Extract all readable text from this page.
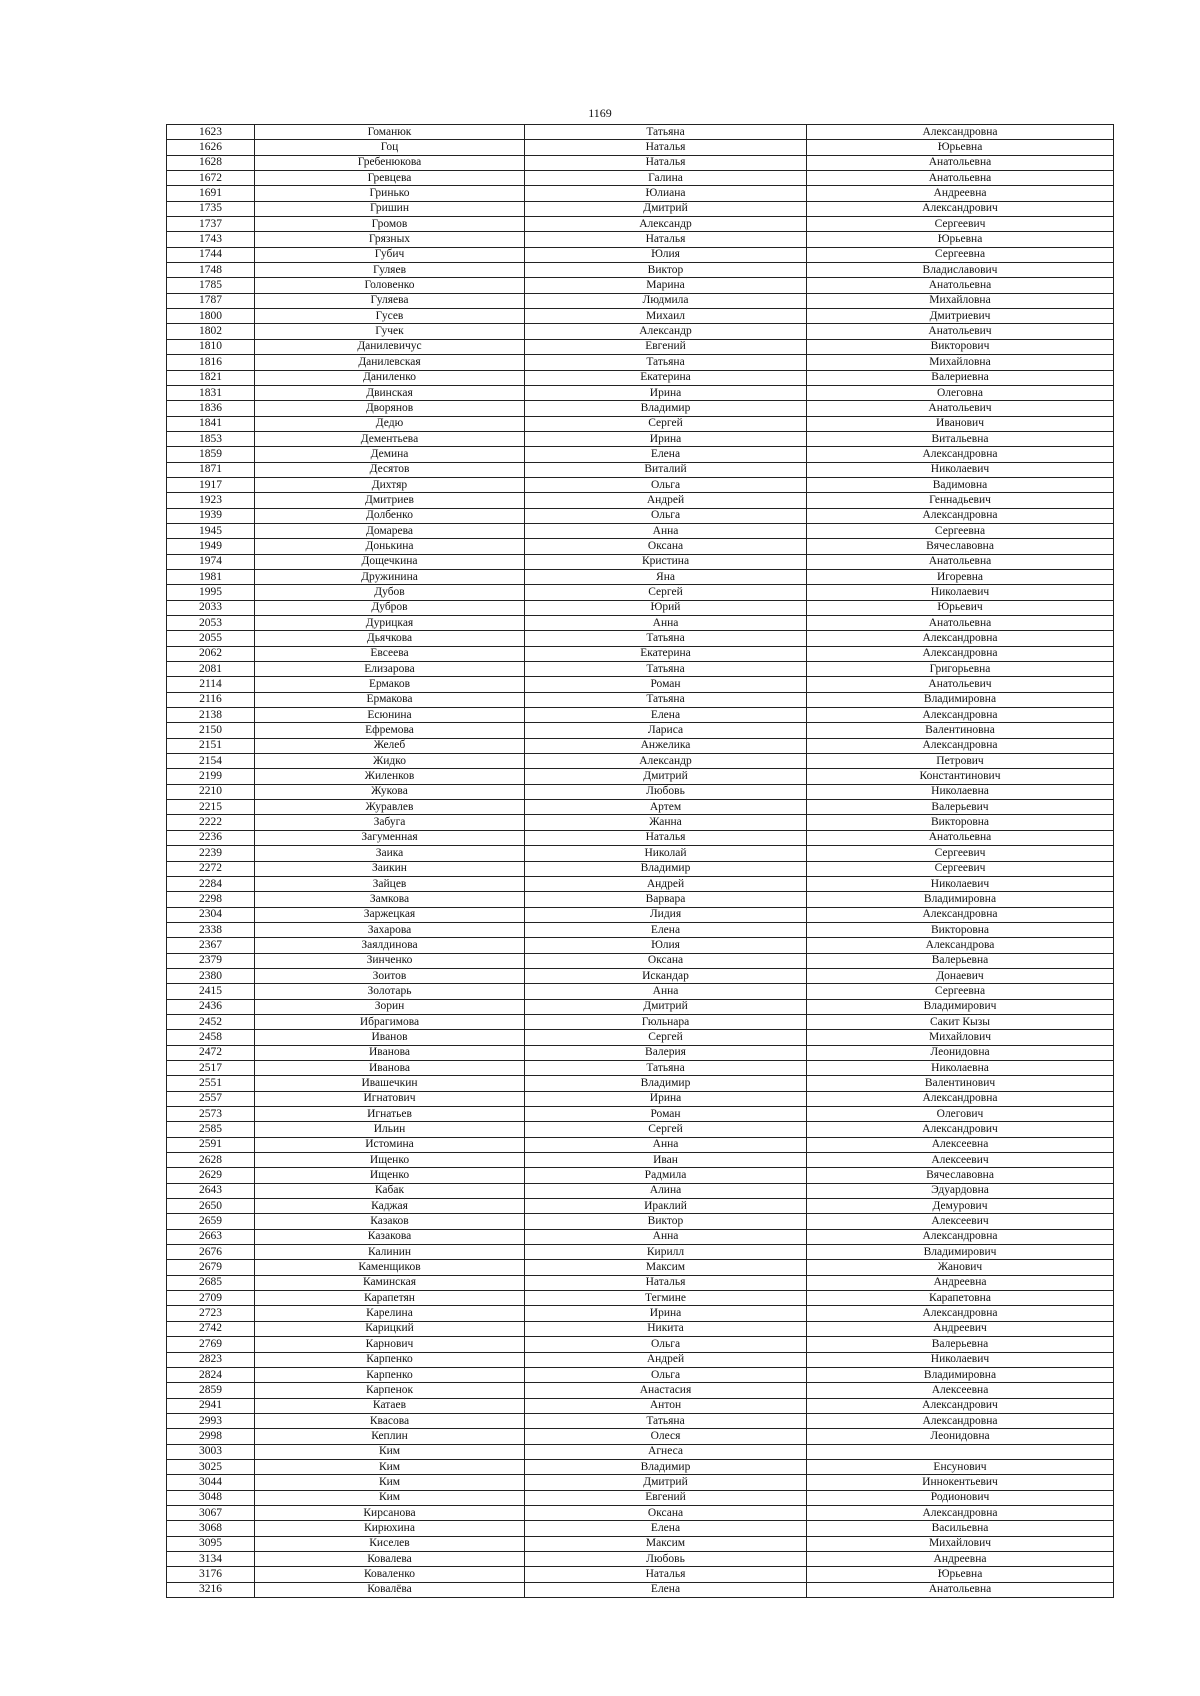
1169
1623	Гоманюк	Татьяна	Александровна
1626	Гоц	Наталья	Юрьевна
1628	Гребенюкова	Наталья	Анатольевна
1672	Гревцева	Галина	Анатольевна
1691	Гринько	Юлиана	Андреевна
1735	Гришин	Дмитрий	Александрович
1737	Громов	Александр	Сергеевич
1743	Грязных	Наталья	Юрьевна
1744	Губич	Юлия	Сергеевна
1748	Гуляев	Виктор	Владиславович
1785	Головенко	Марина	Анатольевна
1787	Гуляева	Людмила	Михайловна
1800	Гусев	Михаил	Дмитриевич
1802	Гучек	Александр	Анатольевич
1810	Данилевичус	Евгений	Викторович
1816	Данилевская	Татьяна	Михайловна
1821	Даниленко	Екатерина	Валериевна
1831	Двинская	Ирина	Олеговна
1836	Дворянов	Владимир	Анатольевич
1841	Дедю	Сергей	Иванович
1853	Дементьева	Ирина	Витальевна
1859	Демина	Елена	Александровна
1871	Десятов	Виталий	Николаевич
1917	Дихтяр	Ольга	Вадимовна
1923	Дмитриев	Андрей	Геннадьевич
1939	Долбенко	Ольга	Александровна
1945	Домарева	Анна	Сергеевна
1949	Донькина	Оксана	Вячеславовна
1974	Дощечкина	Кристина	Анатольевна
1981	Дружинина	Яна	Игоревна
1995	Дубов	Сергей	Николаевич
2033	Дубров	Юрий	Юрьевич
2053	Дурицкая	Анна	Анатольевна
2055	Дьячкова	Татьяна	Александровна
2062	Евсеева	Екатерина	Александровна
2081	Елизарова	Татьяна	Григорьевна
2114	Ермаков	Роман	Анатольевич
2116	Ермакова	Татьяна	Владимировна
2138	Есюнина	Елена	Александровна
2150	Ефремова	Лариса	Валентиновна
2151	Желеб	Анжелика	Александровна
2154	Жидко	Александр	Петрович
2199	Жиленков	Дмитрий	Константинович
2210	Жукова	Любовь	Николаевна
2215	Журавлев	Артем	Валерьевич
2222	Забуга	Жанна	Викторовна
2236	Загуменная	Наталья	Анатольевна
2239	Заика	Николай	Сергеевич
2272	Заикин	Владимир	Сергеевич
2284	Зайцев	Андрей	Николаевич
2298	Замкова	Варвара	Владимировна
2304	Заржецкая	Лидия	Александровна
2338	Захарова	Елена	Викторовна
2367	Заялдинова	Юлия	Александрова
2379	Зинченко	Оксана	Валерьевна
2380	Зоитов	Искандар	Донаевич
2415	Золотарь	Анна	Сергеевна
2436	Зорин	Дмитрий	Владимирович
2452	Ибрагимова	Гюльнара	Сакит Кызы
2458	Иванов	Сергей	Михайлович
2472	Иванова	Валерия	Леонидовна
2517	Иванова	Татьяна	Николаевна
2551	Ивашечкин	Владимир	Валентинович
2557	Игнатович	Ирина	Александровна
2573	Игнатьев	Роман	Олегович
2585	Ильин	Сергей	Александрович
2591	Истомина	Анна	Алексеевна
2628	Ищенко	Иван	Алексеевич
2629	Ищенко	Радмила	Вячеславовна
2643	Кабак	Алина	Эдуардовна
2650	Каджая	Ираклий	Демурович
2659	Казаков	Виктор	Алексеевич
2663	Казакова	Анна	Александровна
2676	Калинин	Кирилл	Владимирович
2679	Каменщиков	Максим	Жанович
2685	Каминская	Наталья	Андреевна
2709	Карапетян	Тегмине	Карапетовна
2723	Карелина	Ирина	Александровна
2742	Карицкий	Никита	Андреевич
2769	Карнович	Ольга	Валерьевна
2823	Карпенко	Андрей	Николаевич
2824	Карпенко	Ольга	Владимировна
2859	Карпенок	Анастасия	Алексеевна
2941	Катаев	Антон	Александрович
2993	Квасова	Татьяна	Александровна
2998	Кеплин	Олеся	Леонидовна
3003	Ким	Агнеса	
3025	Ким	Владимир	Енсунович
3044	Ким	Дмитрий	Иннокентьевич
3048	Ким	Евгений	Родионович
3067	Кирсанова	Оксана	Александровна
3068	Кирюхина	Елена	Васильевна
3095	Киселев	Максим	Михайлович
3134	Ковалева	Любовь	Андреевна
3176	Коваленко	Наталья	Юрьевна
3216	Ковалёва	Елена	Анатольевна
